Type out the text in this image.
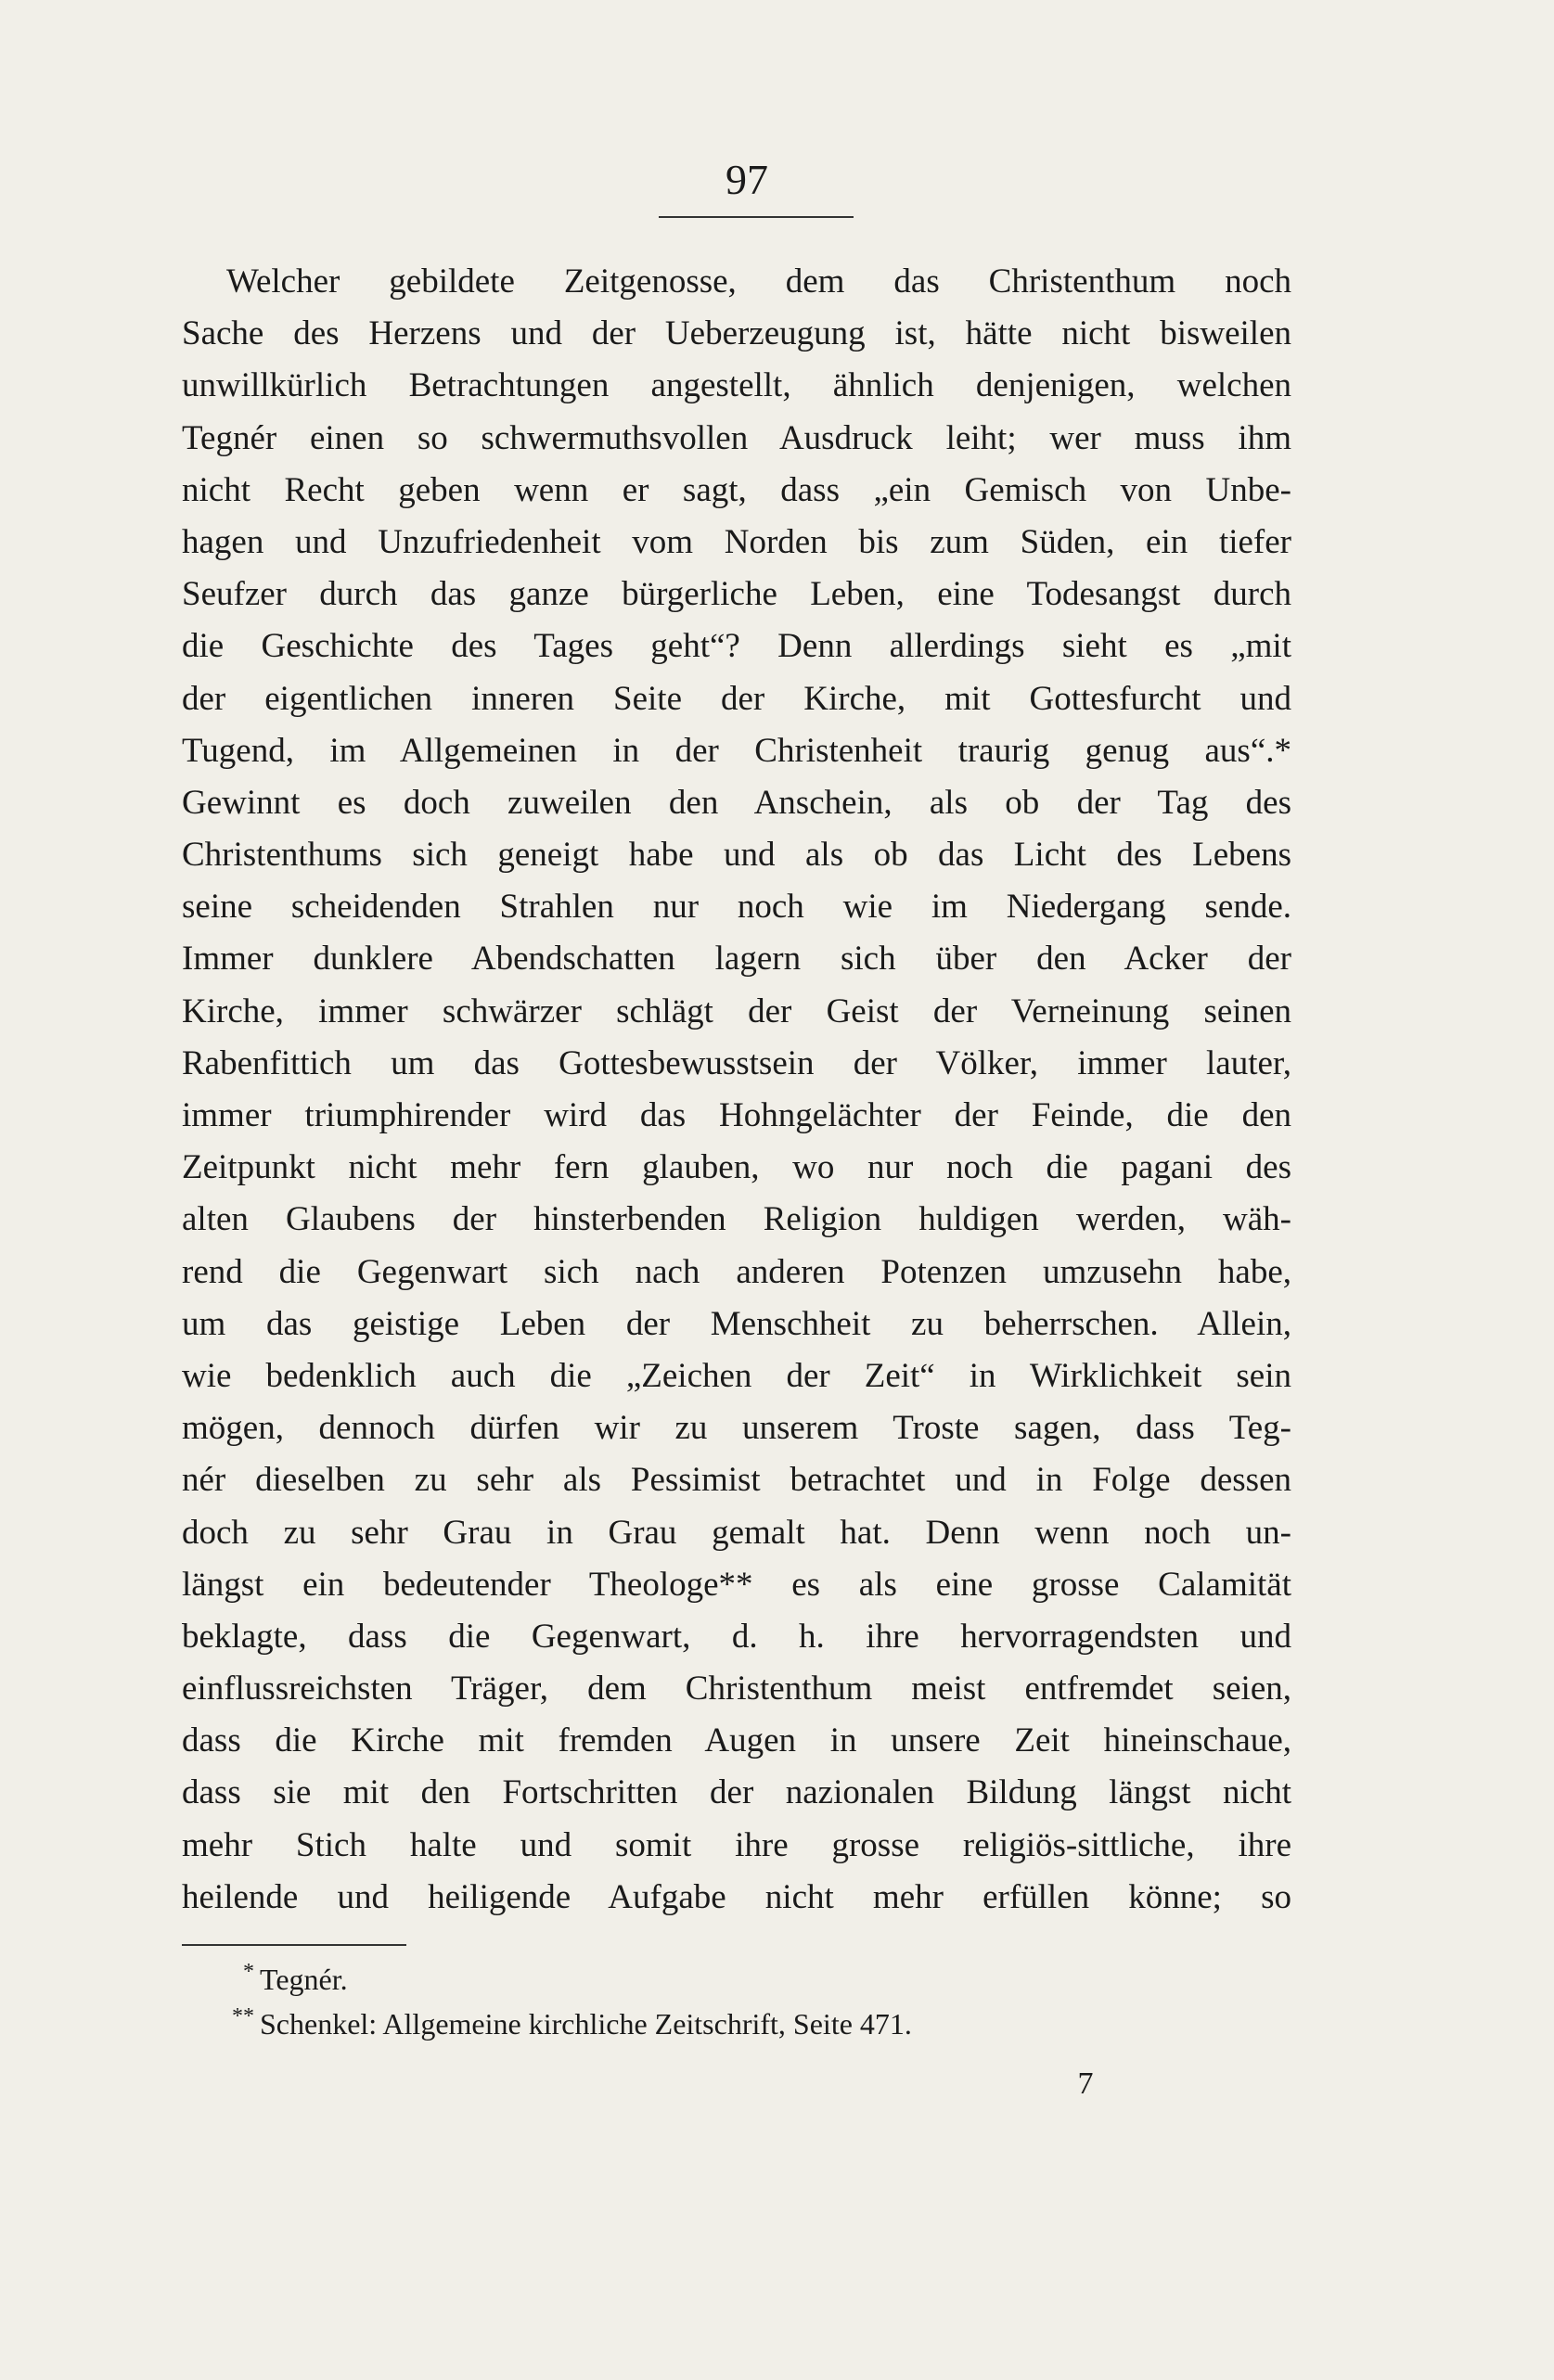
97
Welcher gebildete Zeitgenosse, dem das Christenthum noch
Sache des Herzens und der Ueberzeugung ist, hätte nicht bisweilen
unwillkürlich Betrachtungen angestellt, ähnlich denjenigen, welchen
Tegnér einen so schwermuthsvollen Ausdruck leiht; wer muss ihm
nicht Recht geben wenn er sagt, dass „ein Gemisch von Unbe-
hagen und Unzufriedenheit vom Norden bis zum Süden, ein tiefer
Seufzer durch das ganze bürgerliche Leben, eine Todesangst durch
die Geschichte des Tages geht“? Denn allerdings sieht es „mit
der eigentlichen inneren Seite der Kirche, mit Gottesfurcht und
Tugend, im Allgemeinen in der Christenheit traurig genug aus“.*
Gewinnt es doch zuweilen den Anschein, als ob der Tag des
Christenthums sich geneigt habe und als ob das Licht des Lebens
seine scheidenden Strahlen nur noch wie im Niedergang sende.
Immer dunklere Abendschatten lagern sich über den Acker der
Kirche, immer schwärzer schlägt der Geist der Verneinung seinen
Rabenfittich um das Gottesbewusstsein der Völker, immer lauter,
immer triumphirender wird das Hohngelächter der Feinde, die den
Zeitpunkt nicht mehr fern glauben, wo nur noch die pagani des
alten Glaubens der hinsterbenden Religion huldigen werden, wäh-
rend die Gegenwart sich nach anderen Potenzen umzusehn habe,
um das geistige Leben der Menschheit zu beherrschen. Allein,
wie bedenklich auch die „Zeichen der Zeit“ in Wirklichkeit sein
mögen, dennoch dürfen wir zu unserem Troste sagen, dass Teg-
nér dieselben zu sehr als Pessimist betrachtet und in Folge dessen
doch zu sehr Grau in Grau gemalt hat. Denn wenn noch un-
längst ein bedeutender Theologe** es als eine grosse Calamität
beklagte, dass die Gegenwart, d. h. ihre hervorragendsten und
einflussreichsten Träger, dem Christenthum meist entfremdet seien,
dass die Kirche mit fremden Augen in unsere Zeit hineinschaue,
dass sie mit den Fortschritten der nazionalen Bildung längst nicht
mehr Stich halte und somit ihre grosse religiös-sittliche, ihre
heilende und heiligende Aufgabe nicht mehr erfüllen könne; so
* Tegnér.
** Schenkel: Allgemeine kirchliche Zeitschrift, Seite 471.
7
